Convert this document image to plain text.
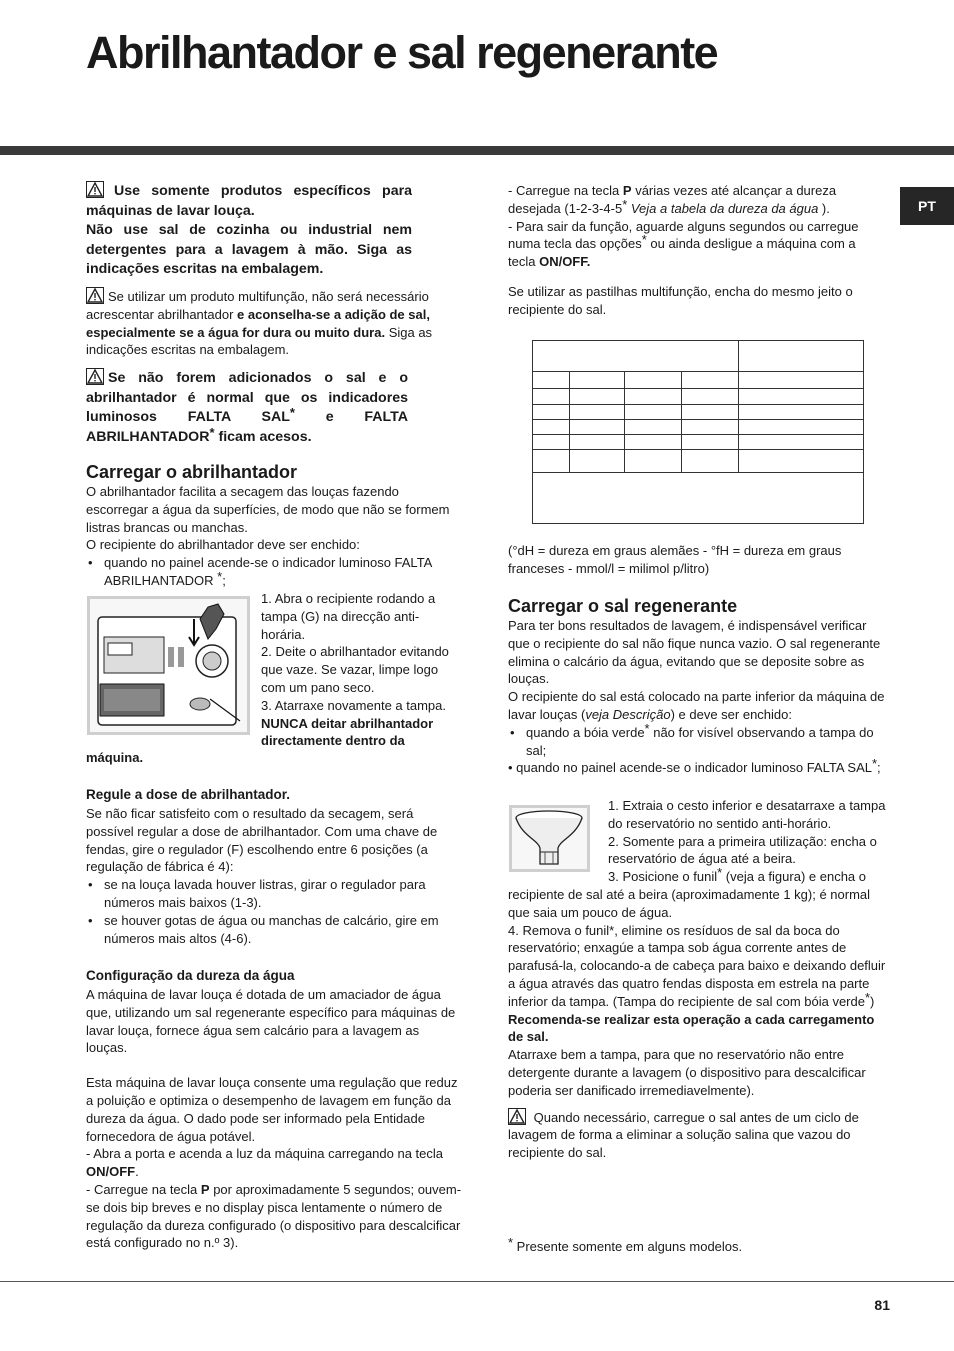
Abrilhantador e sal regenerante
PT

Use somente produtos específicos para máquinas de lavar louça.

Não use sal de cozinha ou industrial nem detergentes para a lavagem à mão. Siga as indicações escritas na embalagem.

Se utilizar um produto multifunção, não será necessário acrescentar abrilhantador e aconselha-se a adição de sal, especialmente se a água for dura ou muito dura. Siga as indicações escritas na embalagem.

Se não forem adicionados o sal e o abrilhantador é normal que os indicadores luminosos FALTA SAL* e FALTA ABRILHANTADOR* ficam acesos.

Carregar o abrilhantador

O abrilhantador facilita a secagem das louças fazendo escorregar a água da superfícies, de modo que não se formem listras brancas ou manchas.

O recipiente do abrilhantador deve ser enchido:

• quando no painel acende-se o indicador luminoso FALTA ABRILHANTADOR *;

1. Abra o recipiente rodando a tampa (G) na direcção anti-horária.

2. Deite o abrilhantador evitando que vaze. Se vazar, limpe logo com um pano seco.

3. Atarraxe novamente a tampa.

NUNCA deitar abrilhantador directamente dentro da

máquina.

Regule a dose de abrilhantador.

Se não ficar satisfeito com o resultado da secagem, será possível regular a dose de abrilhantador. Com uma chave de fendas, gire o regulador (F) escolhendo entre 6 posições (a regulação de fábrica é 4):

• se na louça lavada houver listras, girar o regulador para números mais baixos (1-3).
• se houver gotas de água ou manchas de calcário, gire em números mais altos (4-6).
Configuração da dureza da água

A máquina de lavar louça é dotada de um amaciador de água que, utilizando um sal regenerante específico para máquinas de lavar louça, fornece água sem calcário para a lavagem as louças.

Esta máquina de lavar louça consente uma regulação que reduz a poluição e optimiza o desempenho de lavagem em função da dureza da água. O dado pode ser informado pela Entidade fornecedora de água potável.

- Abra a porta e acenda a luz da máquina carregando na tecla ON/OFF.

- Carregue na tecla P por aproximadamente 5 segundos; ouvem-se dois bip breves e no display pisca lentamente o número de regulação da dureza configurado (o dispositivo para descalcificar está configurado no n.º 3).

- Carregue na tecla P várias vezes até alcançar a dureza desejada (1-2-3-4-5* Veja a tabela da dureza da água ).

- Para sair da função, aguarde alguns segundos ou carregue numa tecla das opções* ou ainda desligue a máquina com a tecla ON/OFF.

Se utilizar as pastilhas multifunção, encha do mesmo jeito o recipiente do sal.

(°dH = dureza em graus alemães - °fH = dureza em graus franceses - mmol/l = milimol p/litro)

Carregar o sal regenerante

Para ter bons resultados de lavagem, é indispensável verificar que o recipiente do sal não fique nunca vazio. O sal regenerante elimina o calcário da água, evitando que se deposite sobre as louças.

O recipiente do sal está colocado na parte inferior da máquina de lavar louças (veja Descrição) e deve ser enchido:

• quando a bóia verde* não for visível observando a tampa do sal;

• quando no painel acende-se o indicador luminoso FALTA SAL*;

1. Extraia o cesto inferior e desatarraxe a tampa do reservatório no sentido anti-horário.

2. Somente para a primeira utilização: encha o reservatório de água até a beira.

3. Posicione o funil* (veja a figura) e encha o

recipiente de sal até a beira (aproximadamente 1 kg); é normal que saia um pouco de água.

4. Remova o funil*, elimine os resíduos de sal da boca do reservatório; enxagúe a tampa sob água corrente antes de parafusá-la, colocando-a de cabeça para baixo e deixando defluir a água através das quatro fendas disposta em estrela na parte inferior da tampa. (Tampa do recipiente de sal com bóia verde*)

Recomenda-se realizar esta operação a cada carregamento de sal.

Atarraxe bem a tampa, para que no reservatório não entre detergente durante a lavagem (o dispositivo para descalcificar poderia ser danificado irremediavelmente).

Quando necessário, carregue o sal antes de um ciclo de lavagem de forma a eliminar a solução salina que vazou do recipiente do sal.

* Presente somente em alguns modelos.

81
